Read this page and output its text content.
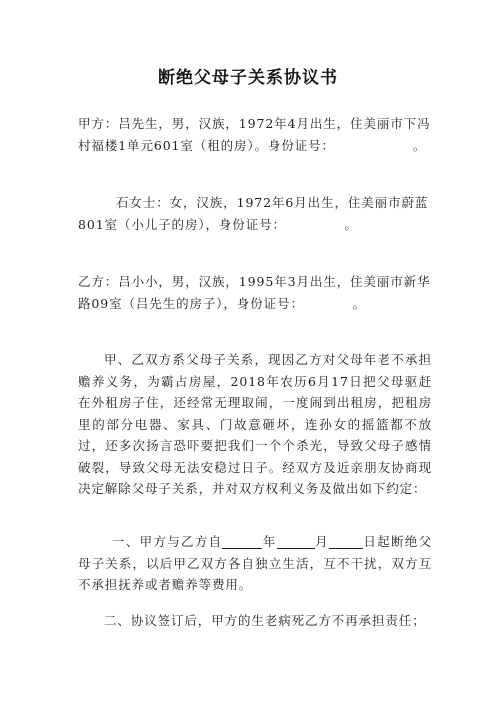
断绝父母子关系协议书
甲方：吕先生，男，汉族，1972年4月出生，住美丽市下冯
村福楼1单元601室（租的房）。身份证号：                。
石女士：女，汉族，1972年6月出生，住美丽市蔚蓝
801室（小儿子的房），身份证号：            。
乙方：吕小小，男，汉族，1995年3月出生，住美丽市新华
路09室（吕先生的房子），身份证号：          。

甲、乙双方系父母子关系，现因乙方对父母年老不承担赡养义务，为霸占房屋，2018年农历6月17日把父母驱赶在外租房子住，还经常无理取闹，一度闹到出租房，把租房里的部分电器、家具、门故意砸坏，连孙女的摇篮都不放过，还多次扬言恐吓要把我们一个个杀光，导致父母子感情破裂，导致父母无法安稳过日子。经双方及近亲朋友协商现决定解除父母子关系，并对双方权利义务及做出如下约定：

一、甲方与乙方自	年	月	日起断绝父母子关系，以后甲乙双方各自独立生活，互不干扰，双方互不承担抚养或者赡养等费用。

二、协议签订后，甲方的生老病死乙方不再承担责任；
